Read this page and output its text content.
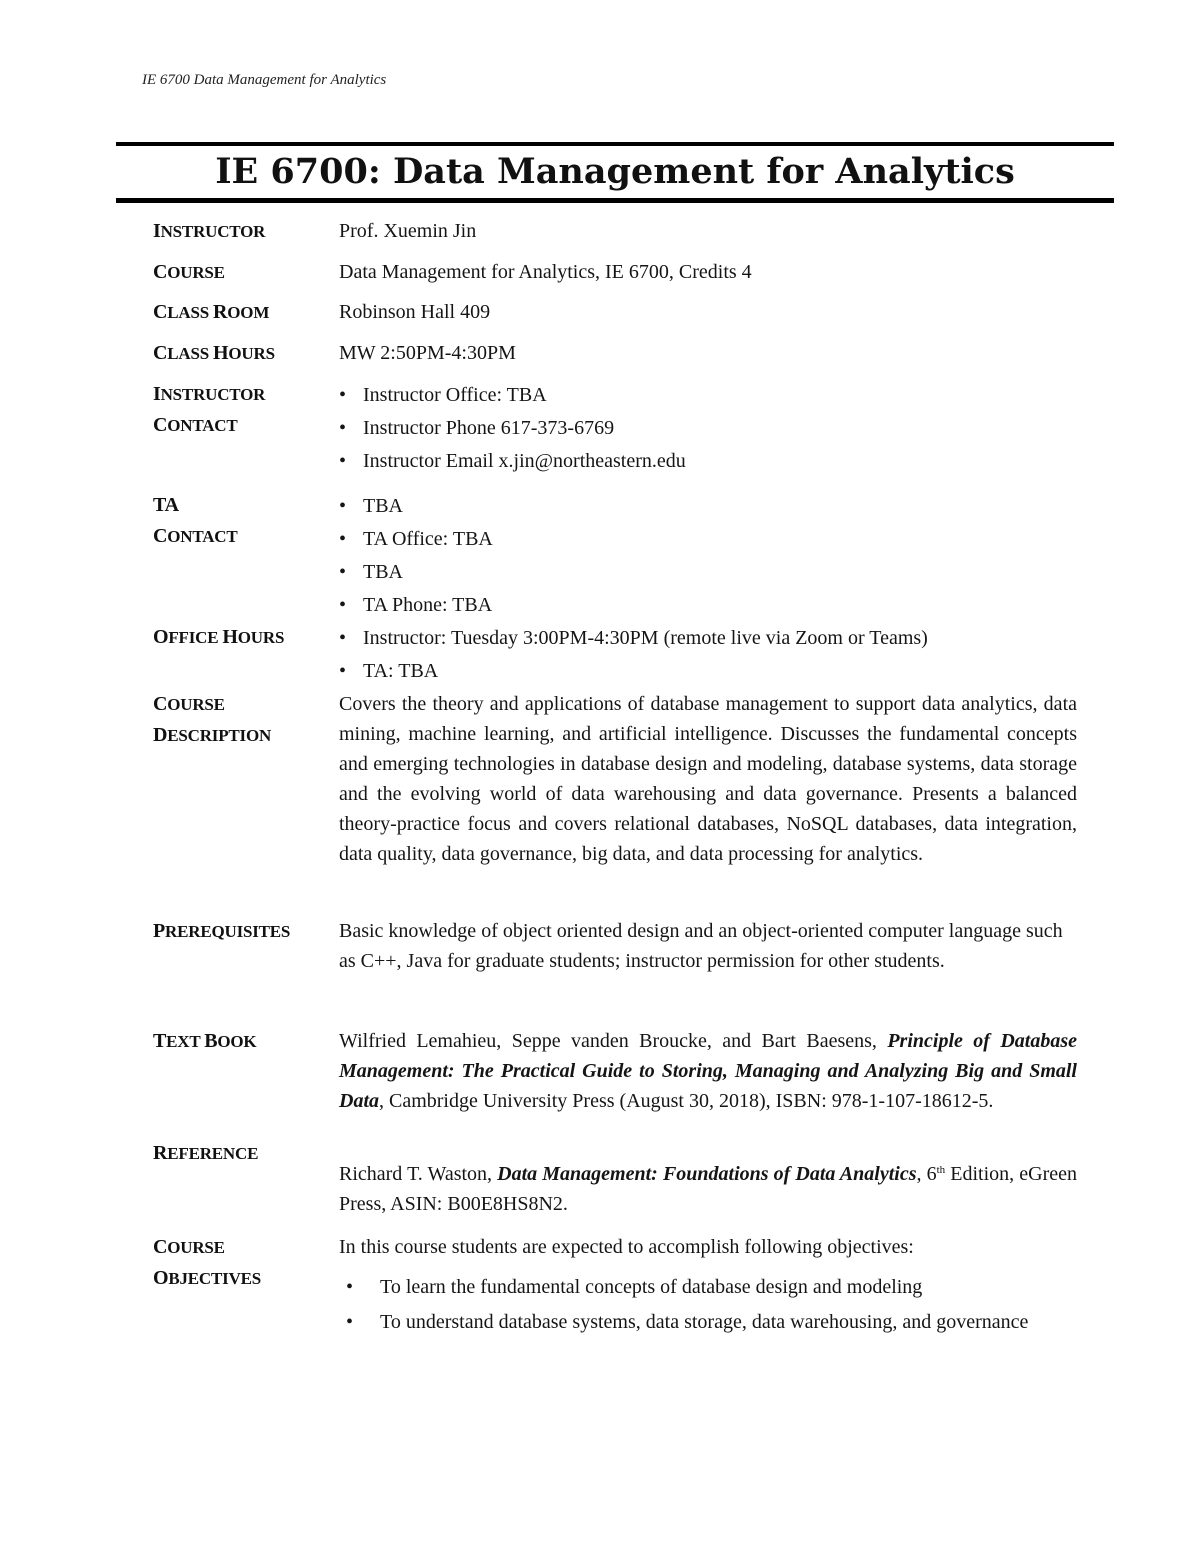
IE 6700 Data Management for Analytics
IE 6700: Data Management for Analytics
INSTRUCTOR	Prof. Xuemin Jin
COURSE	Data Management for Analytics, IE 6700, Credits 4
CLASS ROOM	Robinson Hall 409
CLASS HOURS	MW 2:50PM-4:30PM
INSTRUCTOR
CONTACT
• Instructor Office: TBA
• Instructor Phone 617-373-6769
• Instructor Email x.jin@northeastern.edu
TA
CONTACT
• TBA
• TA Office: TBA
• TBA
• TA Phone: TBA
OFFICE HOURS
•	Instructor: Tuesday 3:00PM-4:30PM (remote live via Zoom or Teams)
• TA: TBA
COURSE
DESCRIPTION
Covers the theory and applications of database management to support data analytics, data mining, machine learning, and artificial intelligence. Discusses the fundamental concepts and emerging technologies in database design and modeling, database systems, data storage and the evolving world of data warehousing and data governance. Presents a balanced theory-practice focus and covers relational databases, NoSQL databases, data integration, data quality, data governance, big data, and data processing for analytics.
PREREQUISITES	Basic knowledge of object oriented design and an object-oriented computer language such as C++, Java for graduate students; instructor permission for other students.
TEXT BOOK	Wilfried Lemahieu, Seppe vanden Broucke, and Bart Baesens, Principle of Database Management: The Practical Guide to Storing, Managing and Analyzing Big and Small Data, Cambridge University Press (August 30, 2018), ISBN: 978-1-107-18612-5.
REFERENCE
Richard T. Waston, Data Management: Foundations of Data Analytics, 6th Edition, eGreen Press, ASIN: B00E8HS8N2.
COURSE
OBJECTIVES
In this course students are expected to accomplish following objectives:
• To learn the fundamental concepts of database design and modeling
• To understand database systems, data storage, data warehousing, and governance
